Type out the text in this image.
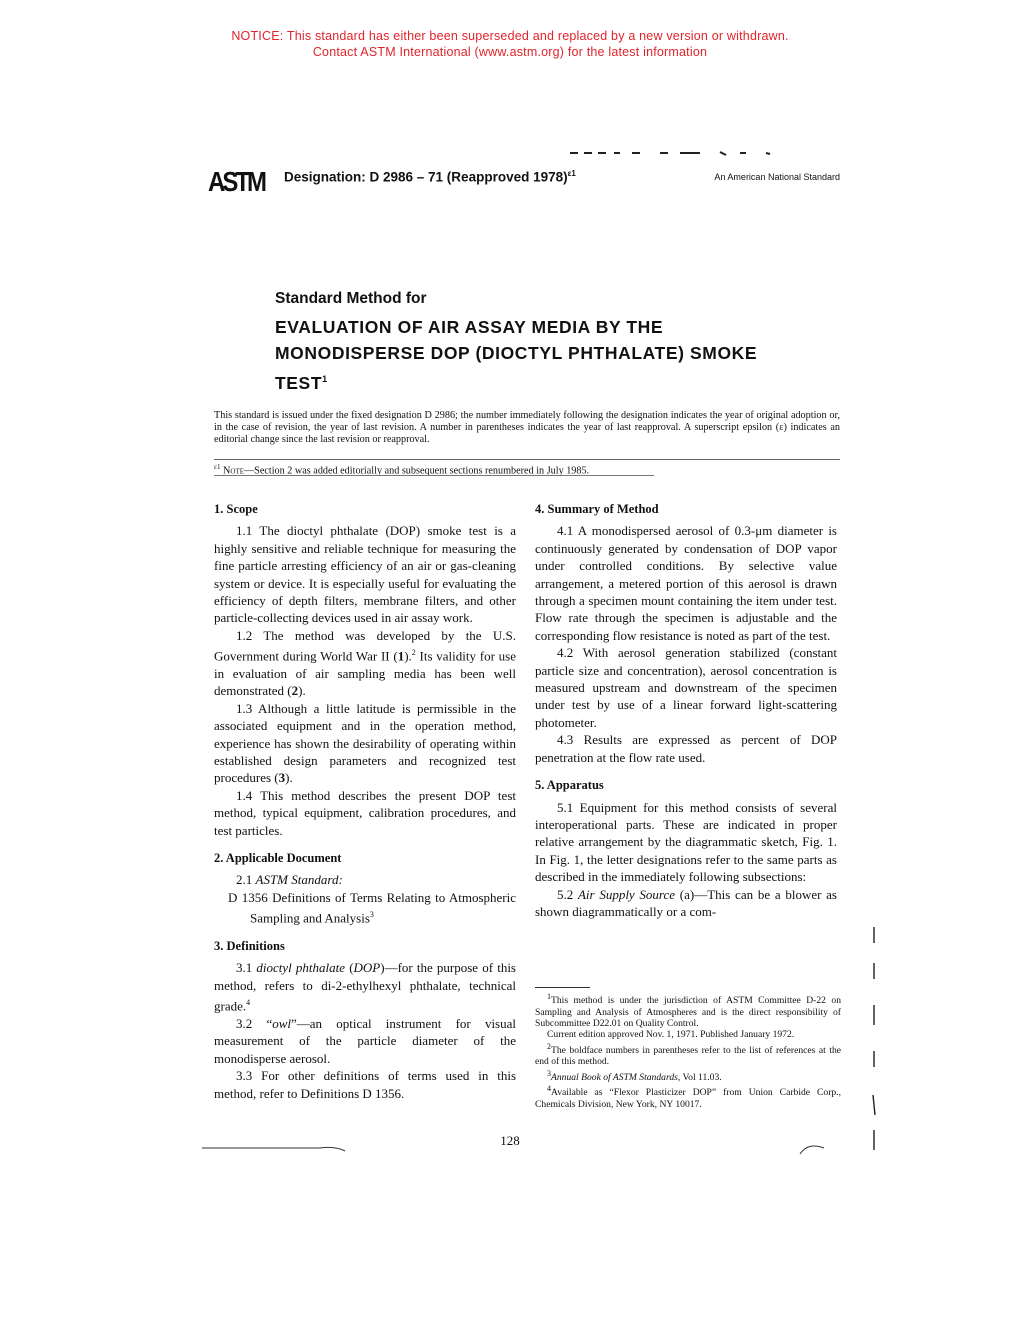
NOTICE: This standard has either been superseded and replaced by a new version or withdrawn.
Contact ASTM International (www.astm.org) for the latest information
ASTM
ASTM
Designation: D 2986 – 71 (Reapproved 1978)$^{\varepsilon 1}$	An American National Standard
Standard Method for
EVALUATION OF AIR ASSAY MEDIA BY THE
MONODISPERSE DOP (DIOCTYL PHTHALATE) SMOKE
TEST$^1$
This standard is issued under the fixed designation D 2986; the number immediately following the designation indicates the year of original adoption or, in the case of revision, the year of last revision. A number in parentheses indicates the year of last reapproval. A superscript epsilon (ε) indicates an editorial change since the last revision or reapproval.
$^{\varepsilon 1}$ Note—Section 2 was added editorially and subsequent sections renumbered in July 1985.
1. Scope

1.1 The dioctyl phthalate (DOP) smoke test is a highly sensitive and reliable technique for measuring the fine particle arresting efficiency of an air or gas-cleaning system or device. It is especially useful for evaluating the efficiency of depth filters, membrane filters, and other particle-collecting devices used in air assay work.

1.2 The method was developed by the U.S. Government during World War II (1).$^2$ Its validity for use in evaluation of air sampling media has been well demonstrated (2).

1.3 Although a little latitude is permissible in the associated equipment and in the operation method, experience has shown the desirability of operating within established design parameters and recognized test procedures (3).

1.4 This method describes the present DOP test method, typical equipment, calibration procedures, and test particles.

2. Applicable Document

2.1 ASTM Standard:

D 1356 Definitions of Terms Relating to Atmospheric Sampling and Analysis$^3$

3. Definitions

3.1 dioctyl phthalate (DOP)—for the purpose of this method, refers to di-2-ethylhexyl phthalate, technical grade.$^4$

3.2 “owl”—an optical instrument for visual measurement of the particle diameter of the monodisperse aerosol.

3.3 For other definitions of terms used in this method, refer to Definitions D 1356.

4. Summary of Method

4.1 A monodispersed aerosol of 0.3-μm diameter is continuously generated by condensation of DOP vapor under controlled conditions. By selective value arrangement, a metered portion of this aerosol is drawn through a specimen mount containing the item under test. Flow rate through the specimen is adjustable and the corresponding flow resistance is noted as part of the test.

4.2 With aerosol generation stabilized (constant particle size and concentration), aerosol concentration is measured upstream and downstream of the specimen under test by use of a linear forward light-scattering photometer.

4.3 Results are expressed as percent of DOP penetration at the flow rate used.

5. Apparatus

5.1 Equipment for this method consists of several interoperational parts. These are indicated in proper relative arrangement by the diagrammatic sketch, Fig. 1. In Fig. 1, the letter designations refer to the same parts as described in the immediately following subsections:

5.2 Air Supply Source (a)—This can be a blower as shown diagrammatically or a com-

$^1$This method is under the jurisdiction of ASTM Committee D-22 on Sampling and Analysis of Atmospheres and is the direct responsibility of Subcommittee D22.01 on Quality Control.

Current edition approved Nov. 1, 1971. Published January 1972.

$^2$The boldface numbers in parentheses refer to the list of references at the end of this method.

$^3$Annual Book of ASTM Standards, Vol 11.03.

$^4$Available as “Flexor Plasticizer DOP” from Union Carbide Corp., Chemicals Division, New York, NY 10017.

128
